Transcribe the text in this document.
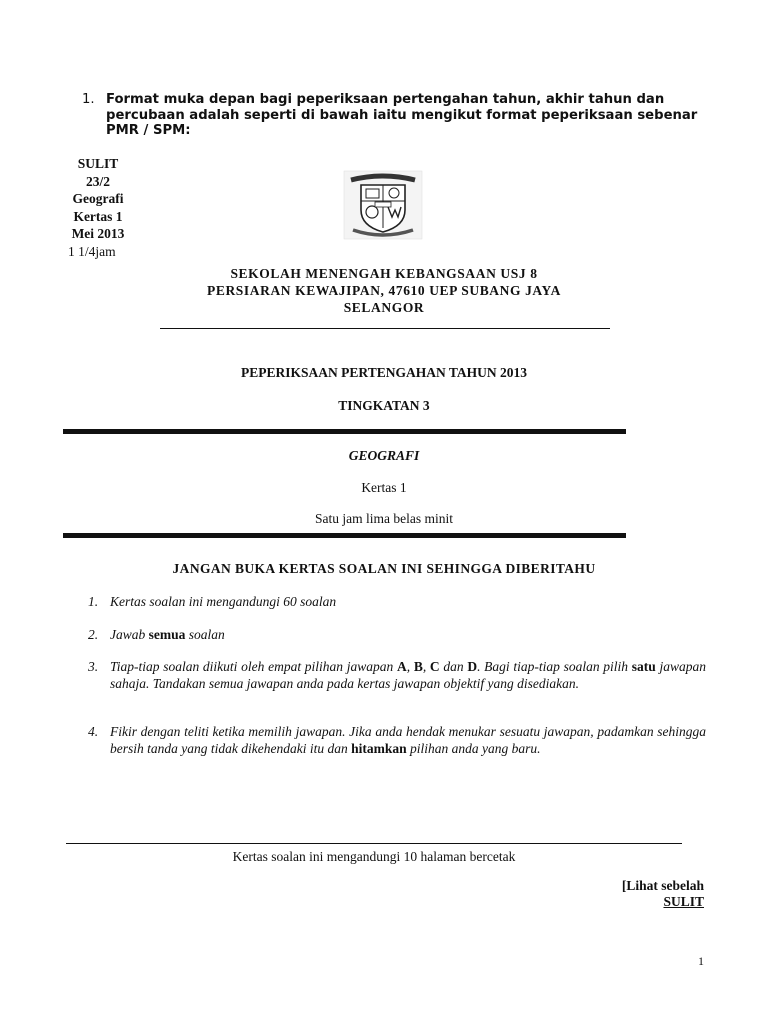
1. Format muka depan bagi peperiksaan pertengahan tahun, akhir tahun dan percubaan adalah seperti di bawah iaitu mengikut format peperiksaan sebenar PMR / SPM:
SULIT
23/2
Geografi
Kertas 1
Mei 2013
1 1/4jam
SEKOLAH MENENGAH KEBANGSAAN USJ 8
PERSIARAN KEWAJIPAN, 47610 UEP SUBANG JAYA
SELANGOR
PEPERIKSAAN PERTENGAHAN TAHUN 2013
TINGKATAN 3
GEOGRAFI
Kertas 1
Satu jam lima belas minit
JANGAN BUKA KERTAS SOALAN INI SEHINGGA DIBERITAHU
1. Kertas soalan ini mengandungi 60 soalan
2. Jawab semua soalan
3. Tiap-tiap soalan diikuti oleh empat pilihan jawapan A, B, C dan D. Bagi tiap-tiap soalan pilih satu jawapan sahaja. Tandakan semua jawapan anda pada kertas jawapan objektif yang disediakan.
4. Fikir dengan teliti ketika memilih jawapan. Jika anda hendak menukar sesuatu jawapan, padamkan sehingga bersih tanda yang tidak dikehendaki itu dan hitamkan pilihan anda yang baru.
Kertas soalan ini mengandungi 10 halaman bercetak
[Lihat sebelah
SULIT
1
